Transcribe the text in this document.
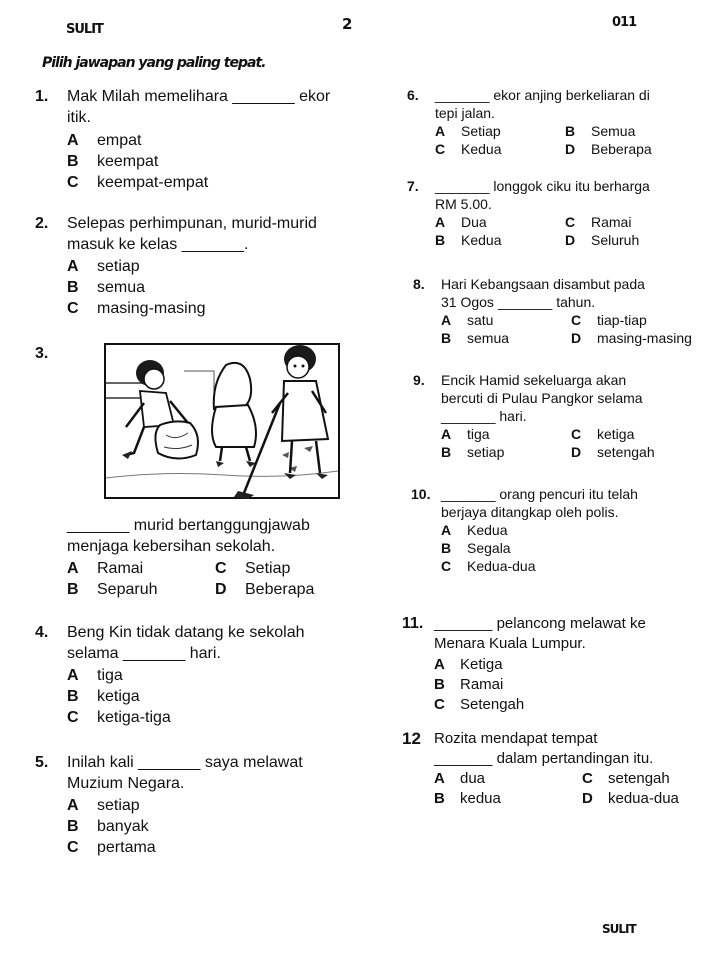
SULIT	2	011
Pilih jawapan yang paling tepat.
1. Mak Milah memelihara _______ ekor
itik.
A empat
B keempat
C keempat-empat
2. Selepas perhimpunan, murid-murid
masuk ke kelas _______.
A setiap
B semua
C masing-masing
3.
_______ murid bertanggungjawab
menjaga kebersihan sekolah.
A Ramai	C Setiap
B Separuh	D Beberapa
4. Beng Kin tidak datang ke sekolah
selama _______ hari.
A tiga
B ketiga
C ketiga-tiga
5. Inilah kali _______ saya melawat
Muzium Negara.
A setiap
B banyak
C pertama
6. _______ ekor anjing berkeliaran di
tepi jalan.
A Setiap	B Semua
C Kedua	D Beberapa
7. _______ longgok ciku itu berharga
RM 5.00.
A Dua	C Ramai
B Kedua	D Seluruh
8. Hari Kebangsaan disambut pada
31 Ogos _______ tahun.
A satu	C tiap-tiap
B semua	D masing-masing
9. Encik Hamid sekeluarga akan
bercuti di Pulau Pangkor selama
_______ hari.
A tiga	C ketiga
B setiap	D setengah
10. _______ orang pencuri itu telah
berjaya ditangkap oleh polis.
A Kedua
B Segala
C Kedua-dua
11. _______ pelancong melawat ke
Menara Kuala Lumpur.
A Ketiga
B Ramai
C Setengah
12 Rozita mendapat tempat
_______ dalam pertandingan itu.
A dua	C setengah
B kedua	D kedua-dua
SULIT
